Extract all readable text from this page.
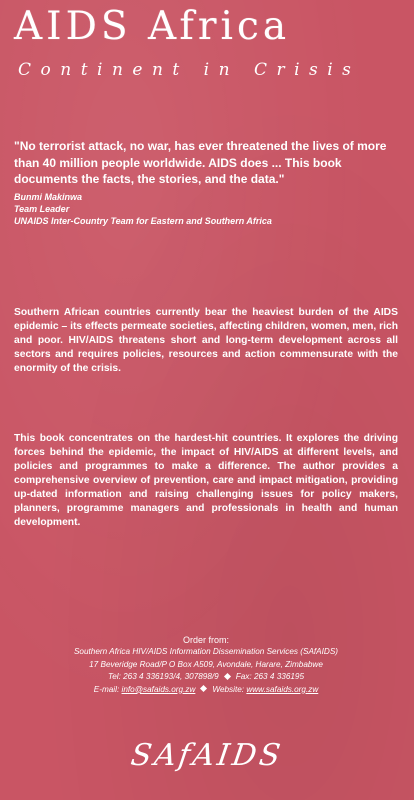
AIDS Africa
Continent in Crisis

"No terrorist attack, no war, has ever threatened the lives of more than 40 million people worldwide. AIDS does ... This book documents the facts, the stories, and the data."

Bunmi Makinwa
Team Leader
UNAIDS Inter-Country Team for Eastern and Southern Africa

Southern African countries currently bear the heaviest burden of the AIDS epidemic – its effects permeate societies, affecting children, women, men, rich and poor. HIV/AIDS threatens short and long-term development across all sectors and requires policies, resources and action commensurate with the enormity of the crisis.

This book concentrates on the hardest-hit countries. It explores the driving forces behind the epidemic, the impact of HIV/AIDS at different levels, and policies and programmes to make a difference. The author provides a comprehensive overview of prevention, care and impact mitigation, providing up-dated information and raising challenging issues for policy makers, planners, programme managers and professionals in health and human development.

Order from:
Southern Africa HIV/AIDS Information Dissemination Services (SAfAIDS)
17 Beveridge Road/P O Box A509, Avondale, Harare, Zimbabwe
Tel: 263 4 336193/4, 307898/9 Fax: 263 4 336195
E-mail: info@safaids.org.zw Website: www.safaids.org.zw
SAfAIDS
